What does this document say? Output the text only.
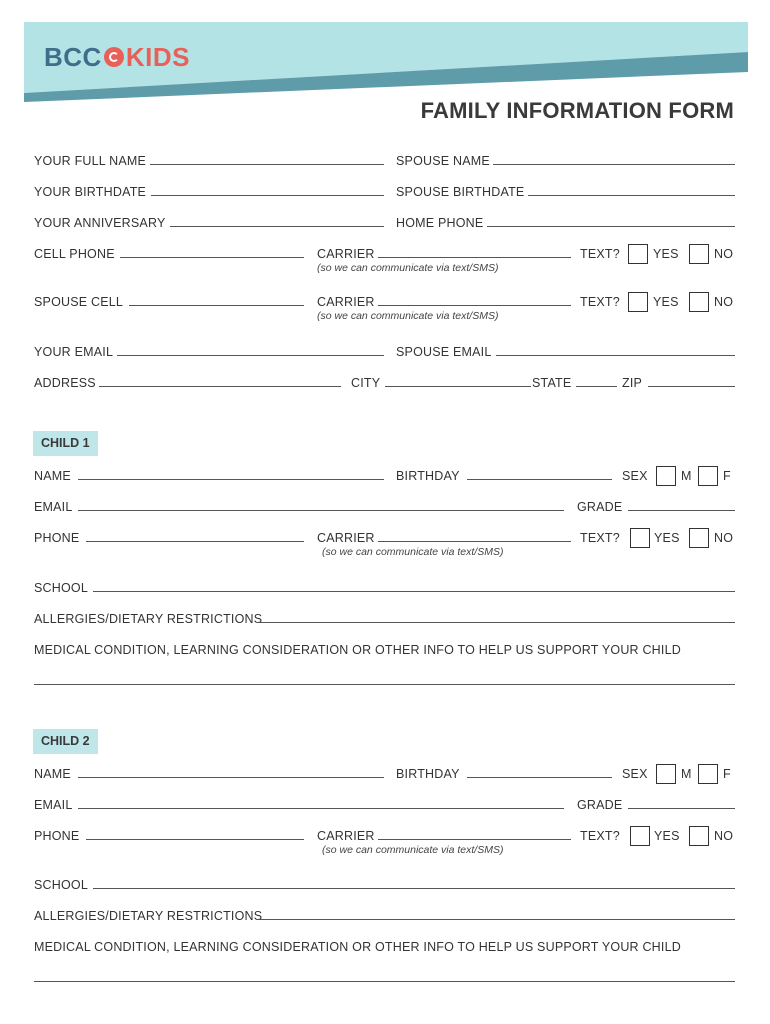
BCC KIDS
FAMILY INFORMATION FORM
YOUR FULL NAME	SPOUSE NAME
YOUR BIRTHDATE	SPOUSE BIRTHDATE
YOUR ANNIVERSARY	HOME PHONE
CELL PHONE	CARRIER
(so we can communicate via text/SMS)
TEXT?	YES	NO
SPOUSE CELL	CARRIER
(so we can communicate via text/SMS)
TEXT?	YES	NO
YOUR EMAIL	SPOUSE EMAIL
ADDRESS	CITY	STATE	ZIP
CHILD 1
NAME	BIRTHDAY	SEX	M	F
EMAIL	GRADE
PHONE	CARRIER
(so we can communicate via text/SMS)
TEXT?	YES	NO
SCHOOL
ALLERGIES/DIETARY RESTRICTIONS
MEDICAL CONDITION, LEARNING CONSIDERATION OR OTHER INFO TO HELP US SUPPORT YOUR CHILD
CHILD 2
NAME	BIRTHDAY	SEX	M	F
EMAIL	GRADE
PHONE	CARRIER
(so we can communicate via text/SMS)
TEXT?	YES	NO
SCHOOL
ALLERGIES/DIETARY RESTRICTIONS
MEDICAL CONDITION, LEARNING CONSIDERATION OR OTHER INFO TO HELP US SUPPORT YOUR CHILD
